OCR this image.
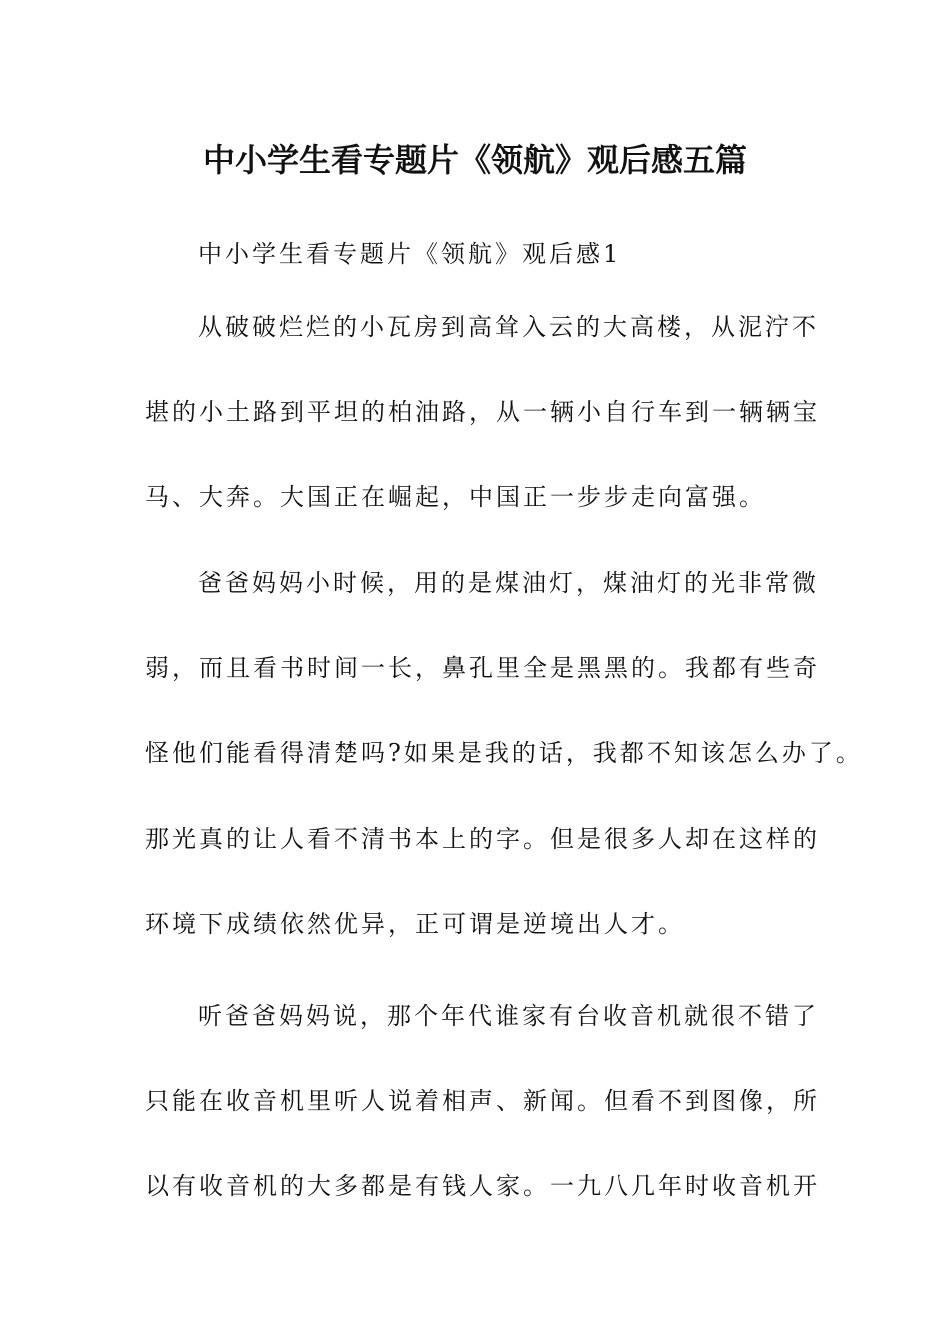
中小学生看专题片《领航》观后感五篇
中小学生看专题片《领航》观后感1
从破破烂烂的小瓦房到高耸入云的大高楼，从泥泞不
堪的小土路到平坦的柏油路，从一辆小自行车到一辆辆宝
马、大奔。大国正在崛起，中国正一步步走向富强。
爸爸妈妈小时候，用的是煤油灯，煤油灯的光非常微
弱，而且看书时间一长，鼻孔里全是黑黑的。我都有些奇
怪他们能看得清楚吗?如果是我的话，我都不知该怎么办了。
那光真的让人看不清书本上的字。但是很多人却在这样的
环境下成绩依然优异，正可谓是逆境出人才。
听爸爸妈妈说，那个年代谁家有台收音机就很不错了
只能在收音机里听人说着相声、新闻。但看不到图像，所
以有收音机的大多都是有钱人家。一九八几年时收音机开
